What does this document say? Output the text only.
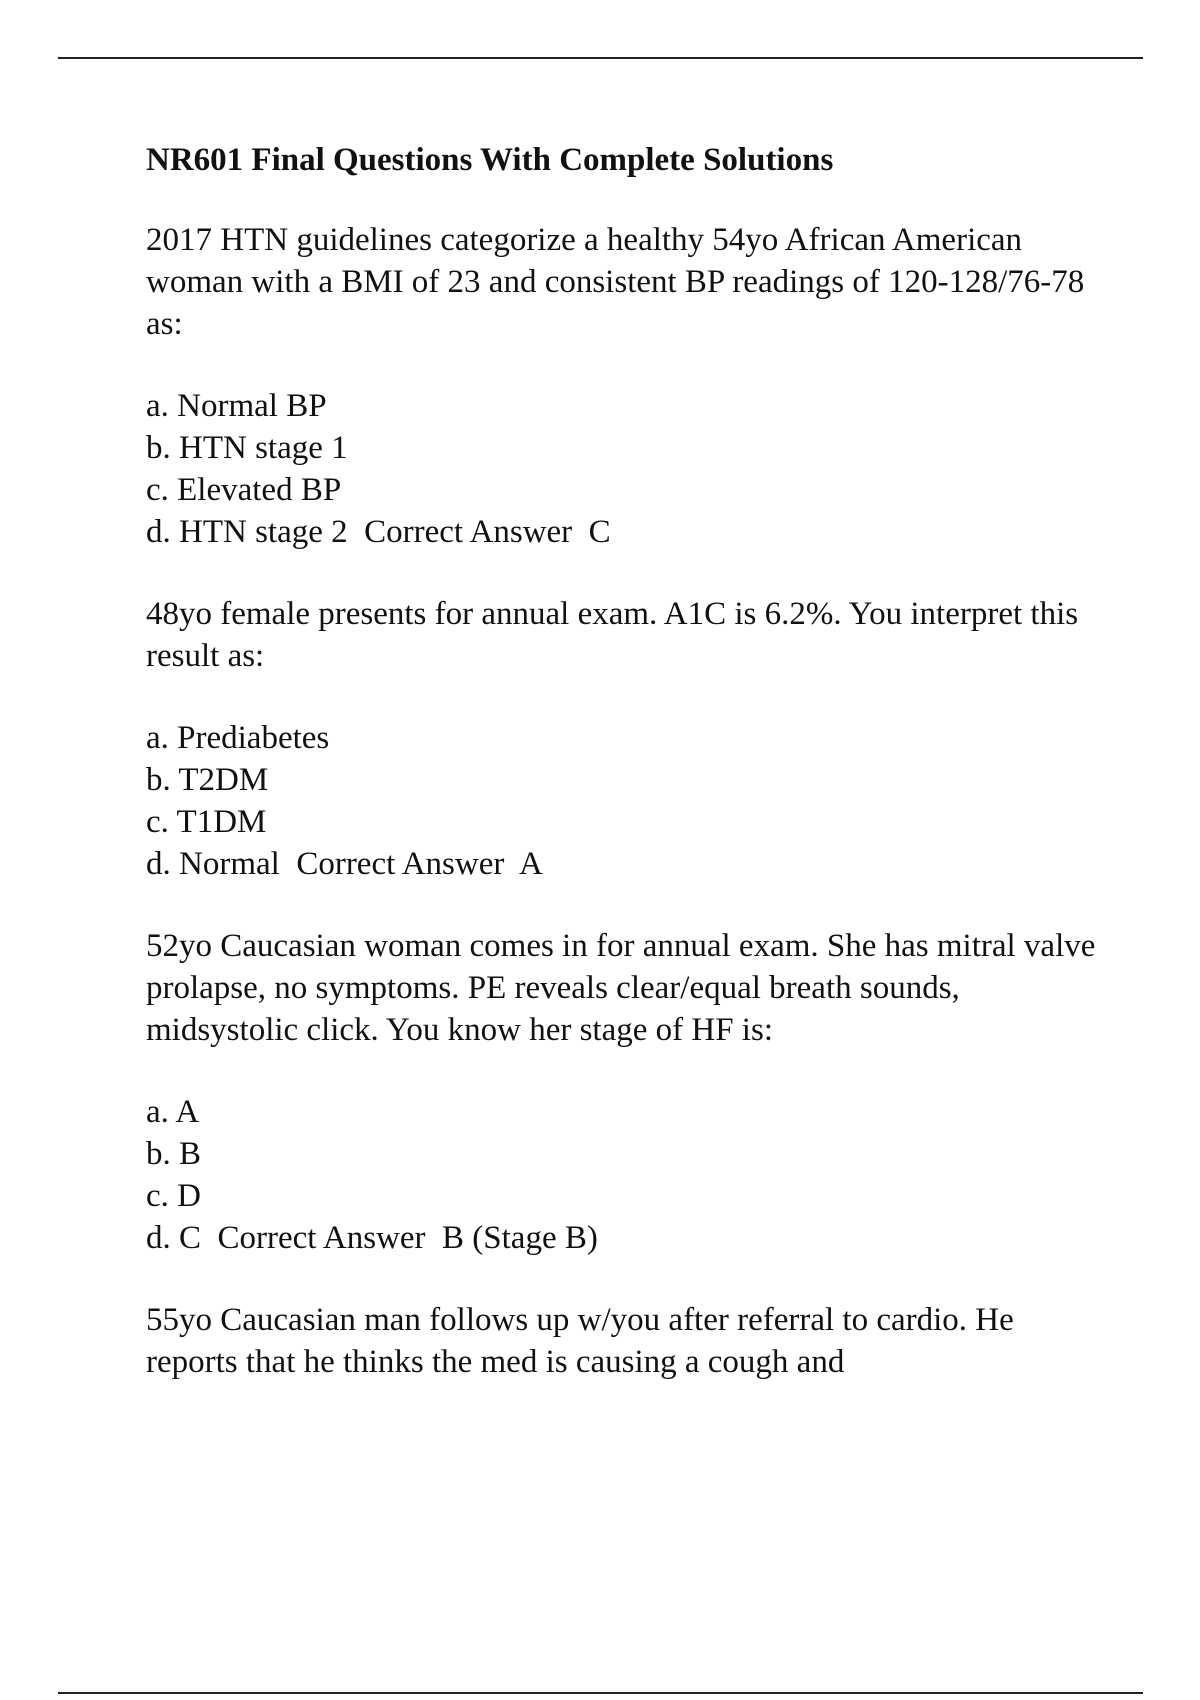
NR601 Final Questions With Complete Solutions

2017 HTN guidelines categorize a healthy 54yo African American woman with a BMI of 23 and consistent BP readings of 120-128/76-78 as:

a. Normal BP
b. HTN stage 1
c. Elevated BP
d. HTN stage 2  Correct Answer  C

48yo female presents for annual exam. A1C is 6.2%. You interpret this result as:

a. Prediabetes
b. T2DM
c. T1DM
d. Normal  Correct Answer  A

52yo Caucasian woman comes in for annual exam. She has mitral valve prolapse, no symptoms. PE reveals clear/equal breath sounds, midsystolic click. You know her stage of HF is:

a. A
b. B
c. D
d. C  Correct Answer  B (Stage B)

55yo Caucasian man follows up w/you after referral to cardio. He reports that he thinks the med is causing a cough and
